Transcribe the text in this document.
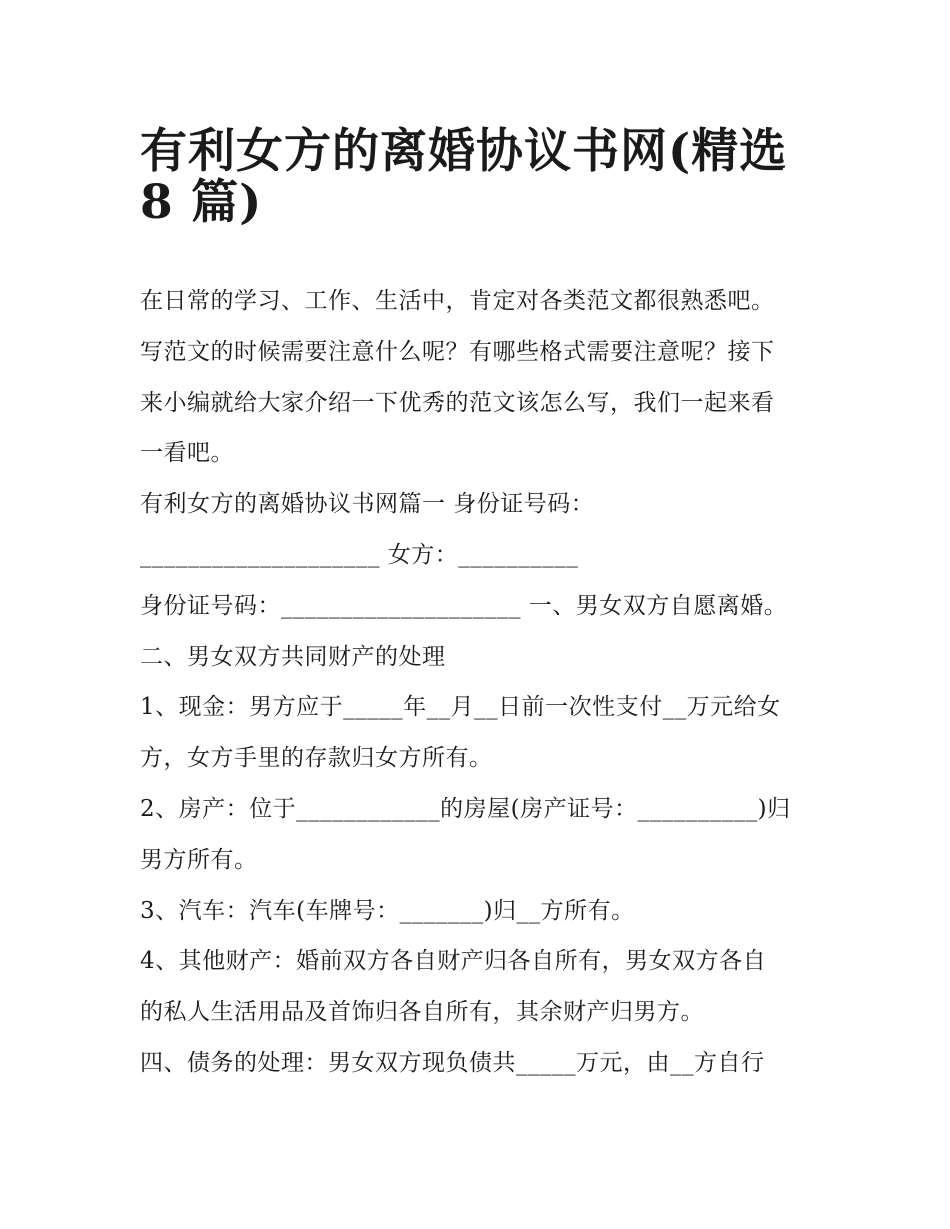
有利女方的离婚协议书网(精选
8 篇)

在日常的学习、工作、生活中，肯定对各类范文都很熟悉吧。

写范文的时候需要注意什么呢？有哪些格式需要注意呢？接下

来小编就给大家介绍一下优秀的范文该怎么写，我们一起来看

一看吧。

有利女方的离婚协议书网篇一 身份证号码：

____________________ 女方：__________

身份证号码：____________________ 一、男女双方自愿离婚。

二、男女双方共同财产的处理

1、现金：男方应于_____年__月__日前一次性支付__万元给女

方，女方手里的存款归女方所有。

2、房产：位于____________的房屋(房产证号：__________)归

男方所有。

3、汽车：汽车(车牌号：_______)归__方所有。

4、其他财产：婚前双方各自财产归各自所有，男女双方各自

的私人生活用品及首饰归各自所有，其余财产归男方。

四、债务的处理：男女双方现负债共_____万元，由__方自行
